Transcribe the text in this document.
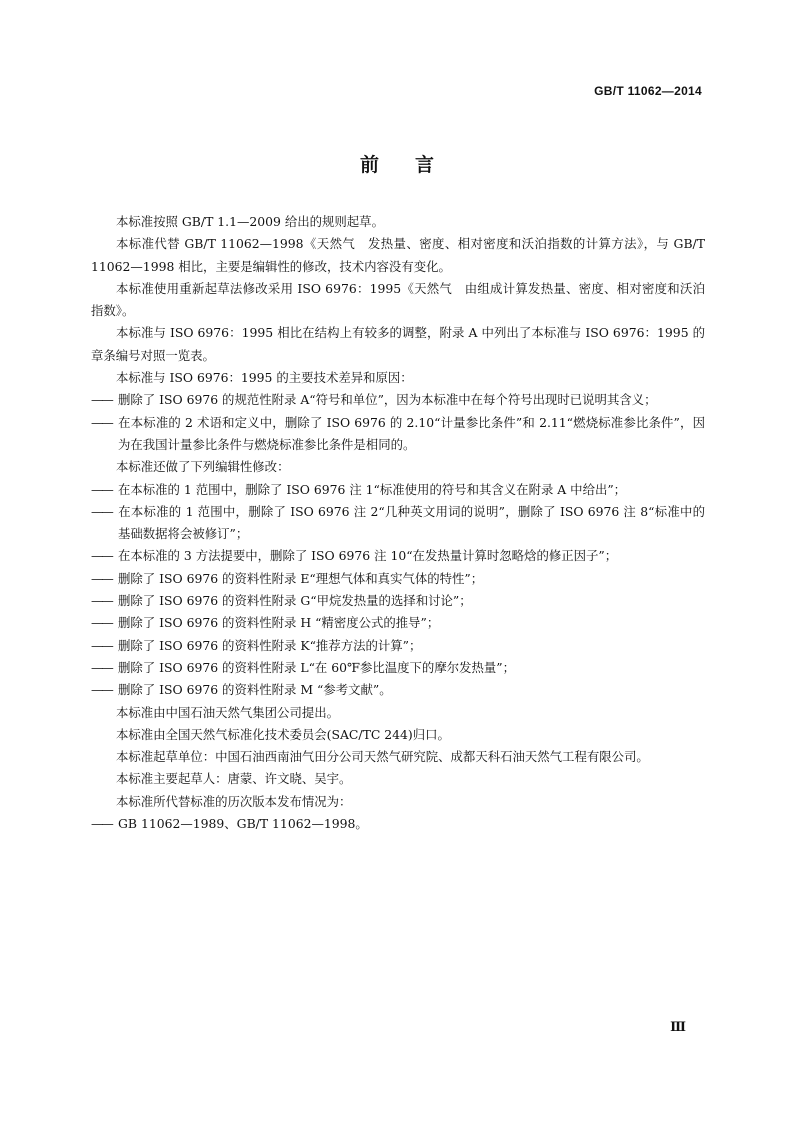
GB/T 11062—2014
前言
本标准按照 GB/T 1.1—2009 给出的规则起草。
本标准代替 GB/T 11062—1998《天然气　发热量、密度、相对密度和沃泊指数的计算方法》，与 GB/T 11062—1998 相比，主要是编辑性的修改，技术内容没有变化。
本标准使用重新起草法修改采用 ISO 6976：1995《天然气　由组成计算发热量、密度、相对密度和沃泊指数》。
本标准与 ISO 6976：1995 相比在结构上有较多的调整，附录 A 中列出了本标准与 ISO 6976：1995 的章条编号对照一览表。
本标准与 ISO 6976：1995 的主要技术差异和原因：
—— 删除了 ISO 6976 的规范性附录 A“符号和单位”，因为本标准中在每个符号出现时已说明其含义；
—— 在本标准的 2 术语和定义中，删除了 ISO 6976 的 2.10“计量参比条件”和 2.11“燃烧标准参比条件”，因为在我国计量参比条件与燃烧标准参比条件是相同的。
本标准还做了下列编辑性修改：
—— 在本标准的 1 范围中，删除了 ISO 6976 注 1“标准使用的符号和其含义在附录 A 中给出”；
—— 在本标准的 1 范围中，删除了 ISO 6976 注 2“几种英文用词的说明”，删除了 ISO 6976 注 8“标准中的基础数据将会被修订”；
—— 在本标准的 3 方法提要中，删除了 ISO 6976 注 10“在发热量计算时忽略焓的修正因子”；
—— 删除了 ISO 6976 的资料性附录 E“理想气体和真实气体的特性”；
—— 删除了 ISO 6976 的资料性附录 G“甲烷发热量的选择和讨论”；
—— 删除了 ISO 6976 的资料性附录 H “精密度公式的推导”；
—— 删除了 ISO 6976 的资料性附录 K“推荐方法的计算”；
—— 删除了 ISO 6976 的资料性附录 L“在 60℉参比温度下的摩尔发热量”；
—— 删除了 ISO 6976 的资料性附录 M “参考文献”。
本标准由中国石油天然气集团公司提出。
本标准由全国天然气标准化技术委员会(SAC/TC 244)归口。
本标准起草单位：中国石油西南油气田分公司天然气研究院、成都天科石油天然气工程有限公司。
本标准主要起草人：唐蒙、许文晓、吴宇。
本标准所代替标准的历次版本发布情况为：
—— GB 11062—1989、GB/T 11062—1998。
Ⅲ
